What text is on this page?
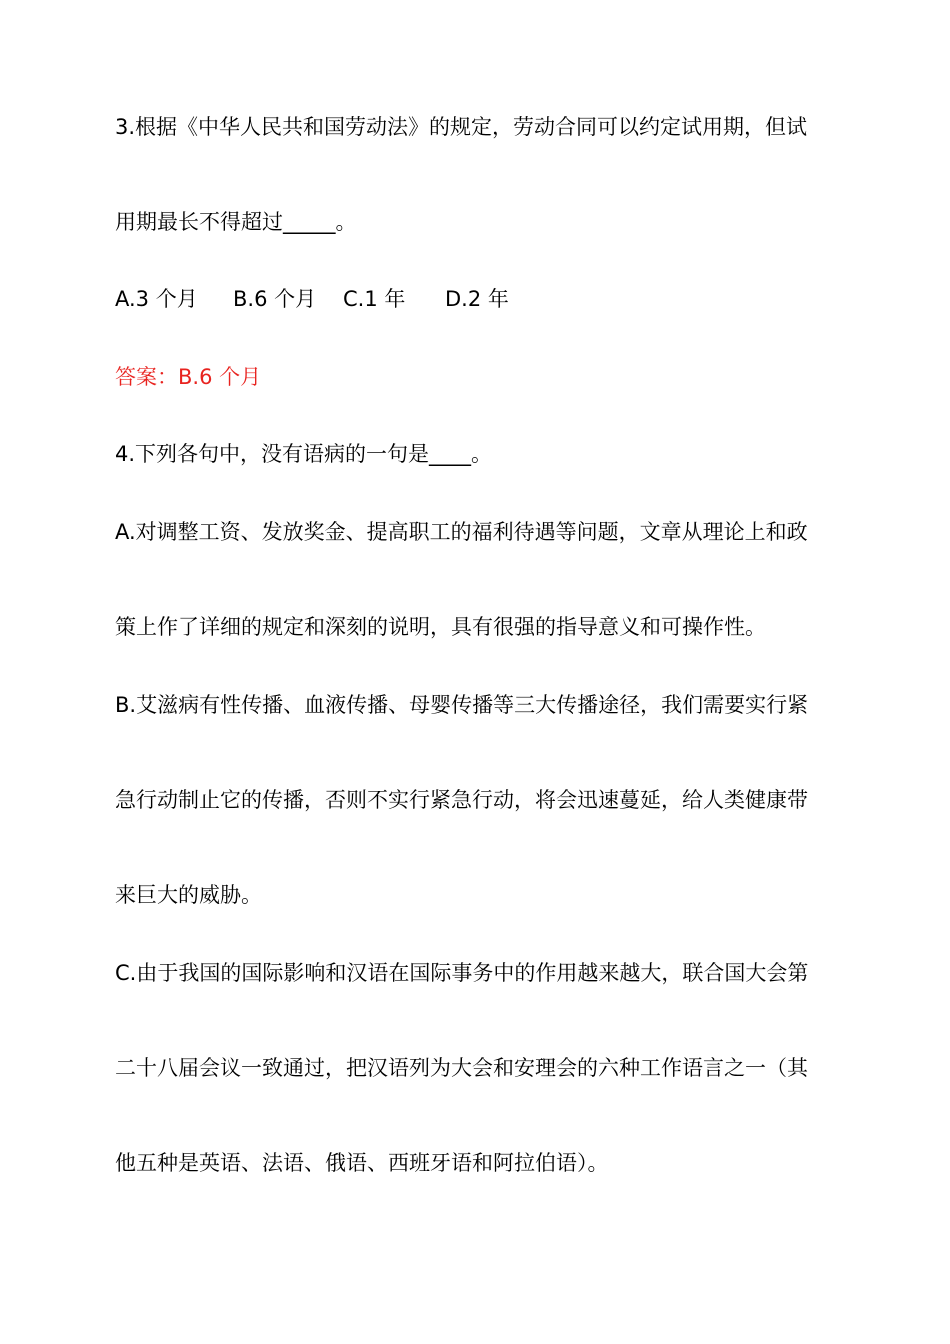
3.根据《中华人民共和国劳动法》的规定，劳动合同可以约定试用期，但试
用期最长不得超过_____。
A.3 个月 B.6 个月 C.1 年 D.2 年
答案：B.6 个月
4.下列各句中，没有语病的一句是____。
A.对调整工资、发放奖金、提高职工的福利待遇等问题，文章从理论上和政
策上作了详细的规定和深刻的说明，具有很强的指导意义和可操作性。
B.艾滋病有性传播、血液传播、母婴传播等三大传播途径，我们需要实行紧
急行动制止它的传播，否则不实行紧急行动，将会迅速蔓延，给人类健康带
来巨大的威胁。
C.由于我国的国际影响和汉语在国际事务中的作用越来越大，联合国大会第
二十八届会议一致通过，把汉语列为大会和安理会的六种工作语言之一（其
他五种是英语、法语、俄语、西班牙语和阿拉伯语）。
